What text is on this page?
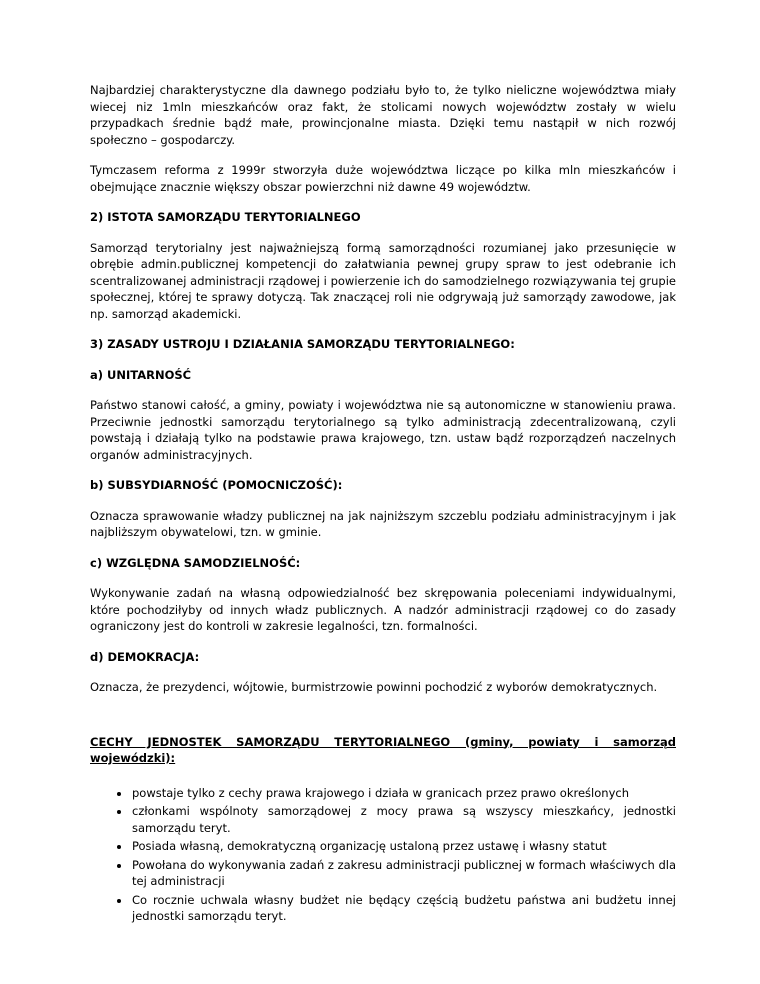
Najbardziej charakterystyczne dla dawnego podziału było to, że tylko nieliczne województwa miały wiecej niz 1mln mieszkańców oraz fakt, że stolicami nowych województw zostały w wielu przypadkach średnie bądź małe, prowincjonalne miasta. Dzięki temu nastąpił w nich rozwój społeczno – gospodarczy.

Tymczasem reforma z 1999r stworzyła duże województwa liczące po kilka mln mieszkańców i obejmujące znacznie większy obszar powierzchni niż dawne 49 województw.

2) ISTOTA SAMORZĄDU TERYTORIALNEGO

Samorząd terytorialny jest najważniejszą formą samorządności rozumianej jako przesunięcie w obrębie admin.publicznej kompetencji do załatwiania pewnej grupy spraw to jest odebranie ich scentralizowanej administracji rządowej i powierzenie ich do samodzielnego rozwiązywania tej grupie społecznej, której te sprawy dotyczą. Tak znaczącej roli nie odgrywają już samorządy zawodowe, jak np. samorząd akademicki.

3) ZASADY USTROJU I DZIAŁANIA SAMORZĄDU TERYTORIALNEGO:

a) UNITARNOŚĆ

Państwo stanowi całość, a gminy, powiaty i województwa nie są autonomiczne w stanowieniu prawa. Przeciwnie jednostki samorządu terytorialnego są tylko administracją zdecentralizowaną, czyli powstają i działają tylko na podstawie prawa krajowego, tzn. ustaw bądź rozporządzeń naczelnych organów administracyjnych.

b) SUBSYDIARNOŚĆ (POMOCNICZOŚĆ):

Oznacza sprawowanie władzy publicznej na jak najniższym szczeblu podziału administracyjnym i jak najbliższym obywatelowi, tzn. w gminie.

c) WZGLĘDNA SAMODZIELNOŚĆ:

Wykonywanie zadań na własną odpowiedzialność bez skrępowania poleceniami indywidualnymi, które pochodziłyby od innych władz publicznych. A nadzór administracji rządowej co do zasady ograniczony jest do kontroli w zakresie legalności, tzn. formalności.

d) DEMOKRACJA:

Oznacza, że prezydenci, wójtowie, burmistrzowie powinni pochodzić z wyborów demokratycznych.

CECHY JEDNOSTEK SAMORZĄDU TERYTORIALNEGO (gminy, powiaty i samorząd wojewódzki):

• powstaje tylko z cechy prawa krajowego i działa w granicach przez prawo określonych
• członkami wspólnoty samorządowej z mocy prawa są wszyscy mieszkańcy, jednostki samorządu teryt.
• Posiada własną, demokratyczną organizację ustaloną przez ustawę i własny statut
• Powołana do wykonywania zadań z zakresu administracji publicznej w formach właściwych dla tej administracji
• Co rocznie uchwala własny budżet nie będący częścią budżetu państwa ani budżetu innej jednostki samorządu teryt.
